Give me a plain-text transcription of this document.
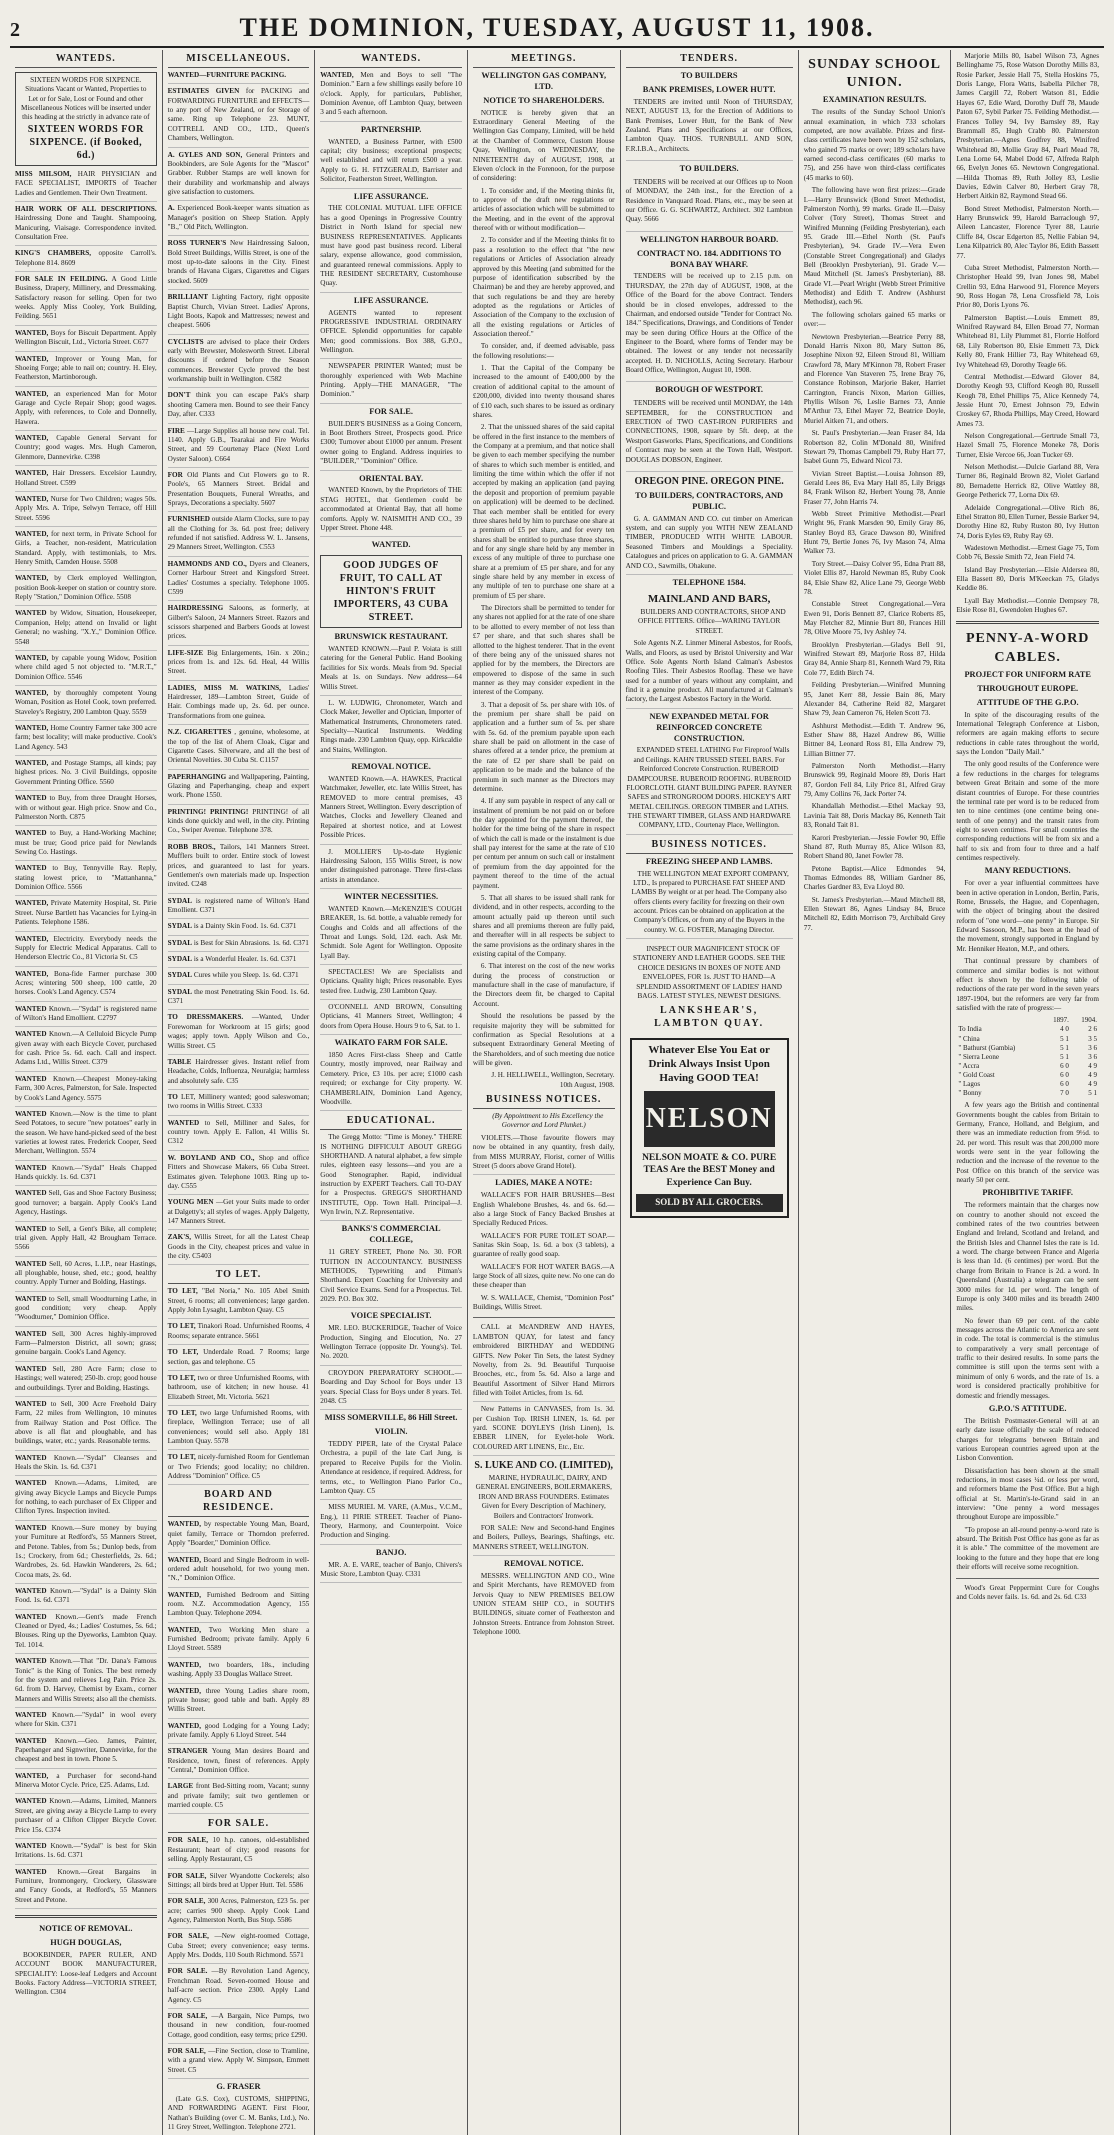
2	THE DOMINION, TUESDAY, AUGUST 11, 1908.
WANTEDS.
SIXTEEN WORDS FOR SIXPENCE. Situations Vacant or Wanted, Properties to Let or for Sale, Lost or Found and other Miscellaneous Notices will be inserted under this heading at the strictly in advance rate of
SIXTEEN WORDS FOR SIXPENCE. (if Booked, 6d.)
MISS MILSOM, HAIR PHYSICIAN and FACE SPECIALIST, IMPORTS of Teacher Ladies and Gentlemen. Their Own Treatment.
HAIR WORK OF ALL DESCRIPTIONS. Hairdressing Done and Taught. Shampooing, Manicuring, Viaisage. Correspondence invited. Consultation Free.
KING'S CHAMBERS, opposite Carroll's. Telephone 814. 8609
FOR SALE IN FEILDING. A Good Little Business, Drapery, Millinery, and Dressmaking. Satisfactory reason for selling. Open for two weeks. Apply Miss Cooley, York Building, Feilding. 5651
WANTED, Boys for Biscuit Department. Apply Wellington Biscuit, Ltd., Victoria Street. C677
WANTED, Improver or Young Man, for Shoeing Forge; able to nail on; country. H. Eley, Featherston, Martinborough.
WANTED, an experienced Man for Motor Garage and Cycle Repair Shop; good wages. Apply, with references, to Cole and Donnelly, Hawera.
WANTED, Capable General Servant for Country; good wages. Mrs. Hugh Cameron, Glenmore, Dannevirke. C398
WANTED, Hair Dressers. Excelsior Laundry, Holland Street. C599
WANTED, Nurse for Two Children; wages 50s. Apply Mrs. A. Tripe, Selwyn Terrace, off Hill Street. 5596
WANTED, for next term, in Private School for Girls, a Teacher, non-resident, Matriculation Standard. Apply, with testimonials, to Mrs. Henry Smith, Camden House. 5508
WANTED, by Clerk employed Wellington, position Book-keeper on station or country store. Reply "Station," Dominion Office. 5508
WANTED by Widow, Situation, Housekeeper, Companion, Help; attend on Invalid or light General; no washing. "X.Y.," Dominion Office. 5548
WANTED, by capable young Widow, Position where child aged 5 not objected to. "M.R.T.," Dominion Office. 5546
WANTED, by thoroughly competent Young Woman, Position as Hotel Cook, town preferred. Staveley's Registry, 200 Lambton Quay. 5559
WANTED, Home Country Farmer take 300 acre farm; best locality; will make productive. Cook's Land Agency. 543
WANTED, and Postage Stamps, all kinds; pay highest prices. No. 3 Civil Buildings, opposite Government Printing Office. 5560
WANTED to Buy, from three Draught Horses, with or without gear. High price. Snow and Co., Palmerston North. C875
WANTED to Buy, a Hand-Working Machine; must be true; Good price paid for Newlands Sewing Co. Hastings.
WANTED to Buy, Tennyville Ray. Reply, stating lowest price, to "Mattanhanna," Dominion Office. 5566
WANTED, Private Maternity Hospital, St. Pirie Street. Nurse Bartlett has Vacancies for Lying-in Patients. Telephone 1586.
WANTED, Electricity. Everybody needs the Supply for Electric Medical Apparatus. Call to Henderson Electric Co., 81 Victoria St. C5
WANTED, Bona-fide Farmer purchase 300 Acres; wintering 500 sheep, 100 cattle, 20 horses. Cook's Land Agency. C574
WANTED Known.—"Sydal" is registered name of Wilton's Hand Emollient. C2797
WANTED Known.—A Celluloid Bicycle Pump given away with each Bicycle Cover, purchased for cash. Price 5s. 6d. each. Call and inspect. Adams Ltd., Willis Street. C379
WANTED Known.—Cheapest Money-taking Farm, 300 Acres, Palmerston, for Sale. Inspected by Cook's Land Agency. 5575
WANTED Known.—Now is the time to plant Seed Potatoes, to secure "new potatoes" early in the season. We have hand-picked seed of the best varieties at lowest rates. Frederick Cooper, Seed Merchant, Wellington. 5574
WANTED Known.—"Sydal" Heals Chapped Hands quickly. 1s. 6d. C371
WANTED Sell, Gas and Shoe Factory Business; good turnover; a bargain. Apply Cook's Land Agency, Hastings.
WANTED to Sell, a Gent's Bike, all complete; trial given. Apply Hall, 42 Brougham Terrace. 5566
WANTED Sell, 60 Acres, L.I.P., near Hastings, all ploughable, house, shed, etc.; good, healthy country. Apply Turner and Bolding, Hastings.
WANTED to Sell, small Woodturning Lathe, in good condition; very cheap. Apply "Woodturner," Dominion Office.
WANTED Sell, 300 Acres highly-improved Farm—Palmerston District, all sown; grass; genuine bargain. Cook's Land Agency.
WANTED Sell, 280 Acre Farm; close to Hastings; well watered; 250-lb. crop; good house and outbuildings. Tyrer and Bolding, Hastings.
WANTED to Sell, 300 Acre Freehold Dairy Farm, 22 miles from Wellington, 10 minutes from Railway Station and Post Office. The above is all flat and ploughable, and has buildings, water, etc.; yards. Reasonable terms.
WANTED Known.—"Sydal" Cleanses and Heals the Skin. 1s. 6d. C371
WANTED Known.—Adams, Limited, are giving away Bicycle Lamps and Bicycle Pumps for nothing, to each purchaser of Ex Clipper and Clifton Tyres. Inspection invited.
WANTED Known.—Sure money by buying your Furniture at Redford's, 55 Manners Street, and Petone. Tables, from 5s.; Dunlop beds, from 1s.; Crockery, from 6d.; Chesterfields, 2s. 6d.; Wardrobes, 2s. 6d. Hawkin Wanderers, 2s. 6d.; Cocoa mats, 2s. 6d.
WANTED Known.—"Sydal" is a Dainty Skin Food. 1s. 6d. C371
WANTED Known.—Gent's made French Cleaned or Dyed, 4s.; Ladies' Costumes, 5s. 6d.; Blouses. Ring up the Dyeworks, Lambton Quay. Tel. 1014.
WANTED Known.—That "Dr. Dana's Famous Tonic" is the King of Tonics. The best remedy for the system and relieves Leg Pain. Price 2s. 6d. from D. Harvey, Chemist by Exam., corner Manners and Willis Streets; also all the chemists.
WANTED Known.—"Sydal" in wool every where for Skin. C371
WANTED Known.—Geo. James, Painter, Paperhanger and Signwriter, Dannevirke, for the cheapest and best in town. Phone 5.
WANTED, a Purchaser for second-hand Minerva Motor Cycle. Price, £25. Adams, Ltd.
WANTED Known.—Adams, Limited, Manners Street, are giving away a Bicycle Lamp to every purchaser of a Clifton Clipper Bicycle Cover. Price 15s. C374
WANTED Known.—"Sydal" is best for Skin Irritations. 1s. 6d. C371
WANTED Known.—Great Bargains in Furniture, Ironmongery, Crockery, Glassware and Fancy Goods, at Redford's, 55 Manners Street and Petone.
NOTICE OF REMOVAL.
HUGH DOUGLAS,
BOOKBINDER, PAPER RULER, AND ACCOUNT BOOK MANUFACTURER, SPECIALITY: Loose-leaf Ledgers and Account Books. Factory Address—VICTORIA STREET, Wellington. C304
MISCELLANEOUS.
WANTED—FURNITURE PACKING.
ESTIMATES GIVEN for PACKING and FORWARDING FURNITURE and EFFECTS—to any port of New Zealand, or for Storage of same. Ring up Telephone 23. MUNT, COTTRELL AND CO., LTD., Queen's Chambers, Wellington.
A. GYLES AND SON, General Printers and Bookbinders, are Sole Agents for the "Mascot" Grabber. Rubber Stamps are well known for their durability and workmanship and always give satisfaction to customers.
A. Experienced Book-keeper wants situation as Manager's position on Sheep Station. Apply "B.," Old Pitch, Wellington.
ROSS TURNER'S New Hairdressing Saloon, Bold Street Buildings, Willis Street, is one of the most up-to-date saloons in the City. Finest brands of Havana Cigars, Cigarettes and Cigars stocked. 5609
BRILLIANT Lighting Factory, right opposite Baptist Church, Vivian Street. Ladies' Aprons, Light Boots, Kapok and Mattresses; newest and cheapest. 5606
CYCLISTS are advised to place their Orders early with Brewster, Molesworth Street. Liberal discounts if ordered before the Season commences. Brewster Cycle proved the best workmanship built in Wellington. C582
DON'T think you can escape Pak's sharp shooting Camera men. Bound to see their Fancy Day, after. C333
FIRE —Large Supplies all house new coal. Tel. 1140. Apply G.B., Tearakai and Fire Works Street, and 59 Courtenay Place (Next Lord Oyster Saloon). C664
FOR Old Plants and Cut Flowers go to R. Poole's, 65 Manners Street. Bridal and Presentation Bouquets, Funeral Wreaths, and Sprays, Decorations a specialty. 5607
FURNISHED outside Alarm Clocks, sure to pay all the Clothing for 3s. 6d. post free; delivery refunded if not satisfied. Address W. L. Jansens, 29 Manners Street, Wellington. C553
HAMMONDS AND CO., Dyers and Cleaners, Corner Harbour Street and Kingsford Street. Ladies' Costumes a specialty. Telephone 1005. C599
HAIRDRESSING Saloons, as formerly, at Gilbert's Saloon, 24 Manners Street. Razors and scissors sharpened and Barbers Goods at lowest prices.
LIFE-SIZE Big Enlargements, 16in. x 20in.; prices from 1s. and 12s. 6d. Heal, 44 Willis Street.
LADIES, MISS M. WATKINS, Ladies' Hairdresser, 189—Lambton Street, Guide of Hair. Combings made up, 2s. 6d. per ounce. Transformations from one guinea.
N.Z. CIGARETTES , genuine, wholesome, at the top of the list of Ahern Cloak, Cigar and Cigarette Cases. Silverware, and all the best of Oriental Novelties. 30 Cuba St. C1157
PAPERHANGING and Wallpapering, Painting, Glazing and Paperhanging, cheap and expert work. Phone 1550.
PRINTING! PRINTING! PRINTING! of all kinds done quickly and well, in the city. Printing Co., Swiper Avenue. Telephone 378.
ROBB BROS., Tailors, 141 Manners Street. Mufflers built to order. Entire stock of lowest prices, and guaranteed to last for years. Gentlemen's own materials made up. Inspection invited. C248
SYDAL is registered name of Wilton's Hand Emollient. C371
SYDAL is a Dainty Skin Food. 1s. 6d. C371
SYDAL is Best for Skin Abrasions. 1s. 6d. C371
SYDAL is a Wonderful Healer. 1s. 6d. C371
SYDAL Cures while you Sleep. 1s. 6d. C371
SYDAL the most Penetrating Skin Food. 1s. 6d. C371
TO DRESSMAKERS. —Wanted, Under Forewoman for Workroom at 15 girls; good wages; apply town. Apply Wilson and Co., Willis Street. C5
TABLE Hairdresser gives. Instant relief from Headache, Colds, Influenza, Neuralgia; harmless and absolutely safe. C35
TO LET, Millinery wanted; good saleswoman; two rooms in Willis Street. C333
WANTED to Sell, Milliner and Sales, for country town. Apply E. Fallon, 41 Willis St. C312
W. BOYLAND AND CO., Shop and office Fitters and Showcase Makers, 66 Cuba Street. Estimates given. Telephone 1003. Ring up to-day. C555
YOUNG MEN —Get your Suits made to order at Dalgetty's; all styles of wages. Apply Dalgetty, 147 Manners Street.
ZAK'S, Willis Street, for all the Latest Cheap Goods in the City, cheapest prices and value in the city. C5403
TO LET.
TO LET, "Bel Noria," No. 105 Abel Smith Street, 6 rooms; all conveniences; large garden. Apply John Lysaght, Lambton Quay. C5
TO LET, Tinakori Road. Unfurnished Rooms, 4 Rooms; separate entrance. 5661
TO LET, Underdale Road. 7 Rooms; large section, gas and telephone. C5
TO LET, two or three Unfurnished Rooms, with bathroom, use of kitchen; in new house. 41 Elizabeth Street, Mt. Victoria. 5621
TO LET, two large Unfurnished Rooms, with fireplace, Wellington Terrace; use of all conveniences; would sell also. Apply 181 Lambton Quay. 5578
TO LET, nicely-furnished Room for Gentleman or Two Friends; good locality; no children. Address "Dominion" Office. C5
BOARD AND RESIDENCE.
WANTED, by respectable Young Man, Board, quiet family, Terrace or Thorndon preferred. Apply "Boarder," Dominion Office.
WANTED, Board and Single Bedroom in well-ordered adult household, for two young men. "N.," Dominion Office.
WANTED, Furnished Bedroom and Sitting room. N.Z. Accommodation Agency, 155 Lambton Quay. Telephone 2094.
WANTED, Two Working Men share a Furnished Bedroom; private family. Apply 6 Lloyd Street. 5589
WANTED, two boarders, 18s., including washing. Apply 33 Douglas Wallace Street.
WANTED, three Young Ladies share room, private house; good table and bath. Apply 89 Willis Street.
WANTED, good Lodging for a Young Lady; private family. Apply 6 Lloyd Street. 544
STRANGER Young Man desires Board and Residence, town, finest of references. Apply "Central," Dominion Office.
LARGE front Bed-Sitting room, Vacant; sunny and private family; suit two gentlemen or married couple. C5
FOR SALE.
FOR SALE, 10 h.p. canoes, old-established Restaurant; heart of city; good reasons for selling. Apply Restaurant, C5
FOR SALE, Silver Wyandotte Cockerels; also Sittings; all birds bred at Upper Hutt. Tel. 5586
FOR SALE, 300 Acres, Palmerston, £23 5s. per acre; carries 900 sheep. Apply Cook Land Agency, Palmerston North, Bus Stop. 5586
FOR SALE, —New eight-roomed Cottage, Cuba Street; every convenience; easy terms. Apply Mrs. Dodds, 110 South Richmond. 5571
FOR SALE. —By Revolution Land Agency, Frenchman Road. Seven-roomed House and half-acre section. Price 2300. Apply Land Agency. C5
FOR SALE, —A Bargain, Nice Pumps, two thousand in new condition, four-roomed Cottage, good condition, easy terms; price £290.
FOR SALE, —Fine Section, close to Tramline, with a grand view. Apply W. Simpson, Emmett Street. C5
G. FRASER
(Late G.S. Cox), CUSTOMS, SHIPPING, AND FORWARDING AGENT. First Floor, Nathan's Building (over C. M. Banks, Ltd.), No. 11 Grey Street, Wellington. Telephone 2721.
WANTEDS.
WANTED, Men and Boys to sell "The Dominion." Earn a few shillings easily before 10 o'clock. Apply, for particulars, Publisher, Dominion Avenue, off Lambton Quay, between 3 and 5 each afternoon.
PARTNERSHIP.
WANTED, a Business Partner, with £500 capital; city business; exceptional prospects; well established and will return £500 a year. Apply to G. H. FITZGERALD, Barrister and Solicitor, Featherston Street, Wellington.
LIFE ASSURANCE.
THE COLONIAL MUTUAL LIFE OFFICE has a good Openings in Progressive Country District in North Island for special new BUSINESS REPRESENTATIVES. Applicants must have good past business record. Liberal salary, expense allowance, good commission, and guaranteed renewal commissions. Apply to THE RESIDENT SECRETARY, Customhouse Quay.
LIFE ASSURANCE.
AGENTS wanted to represent PROGRESSIVE INDUSTRIAL ORDINARY OFFICE. Splendid opportunities for capable Men; good commissions. Box 388, G.P.O., Wellington.
NEWSPAPER PRINTER Wanted; must be thoroughly experienced with Web Machine Printing. Apply—THE MANAGER, "The Dominion."
FOR SALE.
BUILDER'S BUSINESS as a Going Concern, in Boot Brothers Street, Prospects good. Price £300; Turnover about £1000 per annum. Present owner going to England. Address inquiries to "BUILDER," "Dominion" Office.
ORIENTAL BAY.
WANTED Known, by the Proprietors of THE STAG HOTEL, that Gentlemen could be accommodated at Oriental Bay, that all home comforts. Apply W. NAISMITH AND CO., 39 Upper Street. Phone 448.
WANTED.
GOOD JUDGES OF FRUIT, TO CALL AT HINTON'S FRUIT IMPORTERS, 43 CUBA STREET.
BRUNSWICK RESTAURANT.
WANTED KNOWN.—Paul P. Voiata is still catering for the General Public. Hand Booking facilities for Six words. Meals from 9d. Special Meals at 1s. on Sundays. New address—64 Willis Street.
L. W. LUDWIG, Chronometer, Watch and Clock Maker, Jeweller and Optician, Importer of Mathematical Instruments, Chronometers rated. Specialty—Nautical Instruments. Wedding Rings made. 230 Lambton Quay, opp. Kirkcaldie and Stains, Wellington.
REMOVAL NOTICE.
WANTED Known.—A. HAWKES, Practical Watchmaker, Jeweller, etc. late Willis Street, has REMOVED to more central premises, 43 Manners Street, Wellington. Every description of Watches, Clocks and Jewellery Cleaned and Repaired at shortest notice, and at Lowest Possible Prices.
J. MOLLIER'S Up-to-date Hygienic Hairdressing Saloon, 155 Willis Street, is now under distinguished patronage. Three first-class artists in attendance.
WINTER NECESSITIES.
WANTED Known.—McKENZIE'S COUGH BREAKER, 1s. 6d. bottle, a valuable remedy for Coughs and Colds and all affections of the Throat and Lungs. Sold, 12d. each. Ask Mr. Schmidt. Sole Agent for Wellington. Opposite Lyall Bay.
SPECTACLES! We are Specialists and Opticians. Quality high; Prices reasonable. Eyes tested free. Ludwig, 230 Lambton Quay.
O'CONNELL AND BROWN, Consulting Opticians, 41 Manners Street, Wellington; 4 doors from Opera House. Hours 9 to 6, Sat. to 1.
WAIKATO FARM FOR SALE.
1850 Acres First-class Sheep and Cattle Country, mostly improved, near Railway and Cemetery. Price, £3 10s. per acre; £1000 cash required; or exchange for City property. W. CHAMBERLAIN, Dominion Land Agency, Woodville.
EDUCATIONAL.
The Gregg Motto: "Time is Money." THERE IS NOTHING DIFFICULT ABOUT GREGG SHORTHAND. A natural alphabet, a few simple rules, eighteen easy lessons—and you are a Good Stenographer. Rapid, individual instruction by EXPERT Teachers. Call TO-DAY for a Prospectus. GREGG'S SHORTHAND INSTITUTE, Opp. Town Hall. Principal—J. Wyn Irwin, N.Z. Representative.
BANKS'S COMMERCIAL COLLEGE,
11 GREY STREET, Phone No. 30. FOR TUITION IN ACCOUNTANCY. BUSINESS METHODS, Typewriting and Pitman's Shorthand. Expert Coaching for University and Civil Service Exams. Send for a Prospectus. Tel. 2029. P.O. Box 302.
VOICE SPECIALIST.
MR. LEO. BUCKERIDGE, Teacher of Voice Production, Singing and Elocution, No. 27 Wellington Terrace (opposite Dr. Young's). Tel. No. 2020.
CROYDON PREPARATORY SCHOOL.—Boarding and Day School for Boys under 13 years. Special Class for Boys under 8 years. Tel. 2048. C5
MISS SOMERVILLE, 86 Hill Street.
VIOLIN.
TEDDY PIPER, late of the Crystal Palace Orchestra, a pupil of the late Carl Jung, is prepared to Receive Pupils for the Violin. Attendance at residence, if required. Address, for terms, etc., to Wellington Piano Parlor Co., Lambton Quay. C5
MISS MURIEL M. VARE, (A.Mus., V.C.M., Eng.), 11 PIRIE STREET. Teacher of Piano-Theory, Harmony, and Counterpoint. Voice Production and Singing.
BANJO.
MR. A. E. VARE, teacher of Banjo, Chivers's Music Store, Lambton Quay. C331
MEETINGS.
WELLINGTON GAS COMPANY, LTD.
NOTICE TO SHAREHOLDERS.
NOTICE is hereby given that an Extraordinary General Meeting of the Wellington Gas Company, Limited, will be held at the Chamber of Commerce, Custom House Quay, Wellington, on WEDNESDAY, the NINETEENTH day of AUGUST, 1908, at Eleven o'clock in the Forenoon, for the purpose of considering:
1. To consider and, if the Meeting thinks fit, to approve of the draft new regulations or articles of association which will be submitted to the Meeting, and in the event of the approval thereof with or without modification—
2. To consider and if the Meeting thinks fit to pass a resolution to the effect that "the new regulations or Articles of Association already approved by this Meeting (and submitted for the purpose of identification subscribed by the Chairman) be and they are hereby approved, and that such regulations be and they are hereby adopted as the regulations or Articles of Association of the Company to the exclusion of all the existing regulations or Articles of Association thereof."
To consider, and, if deemed advisable, pass the following resolutions:—
1. That the Capital of the Company be increased to the amount of £400,000 by the creation of additional capital to the amount of £200,000, divided into twenty thousand shares of £10 each, such shares to be issued as ordinary shares.
2. That the unissued shares of the said capital be offered in the first instance to the members of the Company at a premium, and that notice shall be given to each member specifying the number of shares to which such member is entitled, and limiting the time within which the offer if not accepted by making an application (and paying the deposit and proportion of premium payable on application) will be deemed to be declined. That each member shall be entitled for every three shares held by him to purchase one share at a premium of £5 per share, and for every ten shares shall be entitled to purchase three shares, and for any single share held by any member in excess of any multiple of three to purchase one share at a premium of £5 per share, and for any single share held by any member in excess of any multiple of ten to purchase one share at a premium of £5 per share.
The Directors shall be permitted to tender for any shares not applied for at the rate of one share to be allotted to every member of not less than £7 per share, and that such shares shall be allotted to the highest tenderer. That in the event of there being any of the unissued shares not applied for by the members, the Directors are empowered to dispose of the same in such manner as they may consider expedient in the interest of the Company.
3. That a deposit of 5s. per share with 10s. of the premium per share shall be paid on application and a further sum of 5s. per share with 5s. 6d. of the premium payable upon each share shall be paid on allotment in the case of shares offered at a tender price, the premium at the rate of £2 per share shall be paid on application to be made and the balance of the premium in such manner as the Directors may determine.
4. If any sum payable in respect of any call or instalment of premium be not paid on or before the day appointed for the payment thereof, the holder for the time being of the share in respect of which the call is made or the instalment is due shall pay interest for the same at the rate of £10 per centum per annum on such call or instalment of premium from the day appointed for the payment thereof to the time of the actual payment.
5. That all shares to be issued shall rank for dividend, and in other respects, according to the amount actually paid up thereon until such shares and all premiums thereon are fully paid, and thereafter will in all respects be subject to the same provisions as the ordinary shares in the existing capital of the Company.
6. That interest on the cost of the new works during the process of construction or manufacture shall in the case of manufacture, if the Directors deem fit, be charged to Capital Account.
Should the resolutions be passed by the requisite majority they will be submitted for confirmation as Special Resolutions at a subsequent Extraordinary General Meeting of the Shareholders, and of such meeting due notice will be given.
J. H. HELLIWELL, Wellington, Secretary. 10th August, 1908.
BUSINESS NOTICES.
(By Appointment to His Excellency the Governor and Lord Plunket.)
VIOLETS.—Those favourite flowers may now be obtained in any quantity, fresh daily, from MISS MURRAY, Florist, corner of Willis Street (5 doors above Grand Hotel).
LADIES, MAKE A NOTE:
WALLACE'S FOR HAIR BRUSHES—Best English Whalebone Brushes, 4s. and 6s. 6d.—also a large Stock of Fancy Backed Brushes at Specially Reduced Prices.
WALLACE'S FOR PURE TOILET SOAP.—Sanitas Skin Soap, 1s. 6d. a box (3 tablets), a guarantee of really good soap.
WALLACE'S FOR HOT WATER BAGS.—A large Stock of all sizes, quite new. No one can do these cheaper than
W. S. WALLACE, Chemist, "Dominion Post" Buildings, Willis Street.
CALL at McANDREW AND HAYES, LAMBTON QUAY, for latest and fancy embroidered BIRTHDAY and WEDDING GIFTS. New Poker Tin Sets, the latest Sydney Novelty, from 2s. 9d. Beautiful Turquoise Brooches, etc., from 5s. 6d. Also a large and Beautiful Assortment of Silver Hand Mirrors filled with Toilet Articles, from 1s. 6d.
New Patterns in CANVASES, from 1s. 3d. per Cushion Top. IRISH LINEN, 1s. 6d. per yard. SCONE DOYLEYS (Irish Linen), 1s. EBBER LINEN, for Eyelet-hole Work. COLOURED ART LINENS, Etc., Etc.
S. LUKE AND CO. (LIMITED),
MARINE, HYDRAULIC, DAIRY, AND GENERAL ENGINEERS, BOILERMAKERS, IRON AND BRASS FOUNDERS. Estimates Given for Every Description of Machinery, Boilers and Contractors' Ironwork.
FOR SALE: New and Second-hand Engines and Boilers, Pulleys, Bearings, Shaftings, etc. MANNERS STREET, WELLINGTON.
REMOVAL NOTICE.
MESSRS. WELLINGTON AND CO., Wine and Spirit Merchants, have REMOVED from Jervois Quay to NEW PREMISES BELOW UNION STEAM SHIP CO., in SOUTH'S BUILDINGS, situate corner of Featherston and Johnston Streets. Entrance from Johnston Street. Telephone 1000.
TENDERS.
TO BUILDERS
BANK PREMISES, LOWER HUTT.
TENDERS are invited until Noon of THURSDAY, NEXT, AUGUST 13, for the Erection of Additions to Bank Premises, Lower Hutt, for the Bank of New Zealand. Plans and Specifications at our Offices, Lambton Quay. THOS. TURNBULL AND SON, F.R.I.B.A., Architects.
TO BUILDERS.
TENDERS will be received at our Offices up to Noon of MONDAY, the 24th inst., for the Erection of a Residence in Vanquard Road. Plans, etc., may be seen at our Office. G. G. SCHWARTZ, Architect. 302 Lambton Quay. 5666
WELLINGTON HARBOUR BOARD.
CONTRACT NO. 184. ADDITIONS TO BONA BAY WHARF.
TENDERS will be received up to 2.15 p.m. on THURSDAY, the 27th day of AUGUST, 1908, at the Office of the Board for the above Contract. Tenders should be in closed envelopes, addressed to the Chairman, and endorsed outside "Tender for Contract No. 184." Specifications, Drawings, and Conditions of Tender may be seen during Office Hours at the Office of the Engineer to the Board, where forms of Tender may be obtained. The lowest or any tender not necessarily accepted. H. D. NICHOLLS, Acting Secretary. Harbour Board Office, Wellington, August 10, 1908.
BOROUGH OF WESTPORT.
TENDERS will be received until MONDAY, the 14th SEPTEMBER, for the CONSTRUCTION and ERECTION of TWO CAST-IRON PURIFIERS and CONNECTIONS, 1908, square by 5ft. deep, at the Westport Gasworks. Plans, Specifications, and Conditions of Contract may be seen at the Town Hall, Westport. DOUGLAS DOBSON, Engineer.
OREGON PINE. OREGON PINE.
TO BUILDERS, CONTRACTORS, AND PUBLIC.
G. A. GAMMAN AND CO. cut timber on American system, and can supply you WITH NEW ZEALAND TIMBER, PRODUCED WITH WHITE LABOUR. Seasoned Timbers and Mouldings a Speciality. Catalogues and prices on application to G. A. GAMMAN AND CO., Sawmills, Ohakune.
TELEPHONE 1584.
MAINLAND AND BARS,
BUILDERS AND CONTRACTORS, SHOP AND OFFICE FITTERS. Office—WARING TAYLOR STREET.
Sole Agents N.Z. Linmer Mineral Asbestos, for Roofs, Walls, and Floors, as used by Bristol University and War Office. Sole Agents North Island Calman's Asbestos Roofing Tiles. Their Asbestos Rooflag. These we have used for a number of years without any complaint, and find it a genuine product. All manufactured at Calman's factory, the Largest Asbestos Factory in the World.
NEW EXPANDED METAL FOR REINFORCED CONCRETE CONSTRUCTION.
EXPANDED STEEL LATHING For Fireproof Walls and Ceilings. KAHN TRUSSED STEEL BARS. For Reinforced Concrete Construction. RUBEROID DAMPCOURSE. RUBEROID ROOFING. RUBEROID FLOORCLOTH. GIANT BUILDING PAPER. RAYNER SAFES and STRONGROOM DOORS. HICKEY'S ART METAL CEILINGS. OREGON TIMBER and LATHS. THE STEWART TIMBER, GLASS AND HARDWARE COMPANY, LTD., Courtenay Place, Wellington.
BUSINESS NOTICES.
FREEZING SHEEP AND LAMBS.
THE WELLINGTON MEAT EXPORT COMPANY, LTD., Is prepared to PURCHASE FAT SHEEP AND LAMBS By weight or at per head. The Company also offers clients every facility for freezing on their own account. Prices can be obtained on application at the Company's Offices, or from any of the Buyers in the country. W. G. FOSTER, Managing Director.
INSPECT OUR MAGNIFICENT STOCK OF STATIONERY AND LEATHER GOODS. SEE THE CHOICE DESIGNS IN BOXES OF NOTE AND ENVELOPES, FOR 1s. JUST TO HAND—A SPLENDID ASSORTMENT OF LADIES' HAND BAGS. LATEST STYLES, NEWEST DESIGNS.
LANKSHEAR'S, LAMBTON QUAY.
Whatever Else You Eat or Drink Always Insist Upon Having GOOD TEA!
NELSON
NELSON MOATE & CO. PURE TEAS Are the BEST Money and Experience Can Buy.
SOLD BY ALL GROCERS.
SUNDAY SCHOOL UNION.
EXAMINATION RESULTS.
The results of the Sunday School Union's annual examination, in which 733 scholars competed, are now available. Prizes and first-class certificates have been won by 152 scholars, who gained 75 marks or over; 189 scholars have earned second-class certificates (60 marks to 75), and 256 have won third-class certificates (45 marks to 60).
The following have won first prizes:—Grade I.—Harry Brunswick (Bond Street Methodist, Palmerston North), 99 marks. Grade II.—Daisy Colver (Tory Street), Thomas Street and Winifred Munning (Feilding Presbyterian), each 95. Grade III.—Ethel North (St. Paul's Presbyterian), 94. Grade IV.—Vera Ewen (Constable Street Congregational) and Gladys Bell (Brooklyn Presbyterian), 91. Grade V.—Maud Mitchell (St. James's Presbyterian), 88. Grade VI.—Pearl Wright (Webb Street Primitive Methodist) and Edith T. Andrew (Ashhurst Methodist), each 96.
The following scholars gained 65 marks or over:—
Newtown Presbyterian.—Beatrice Perry 88, Donald Harris Nixon 80, Mary Sutton 86, Josephine Nixon 92, Eileen Stroud 81, William Crawford 78, Mary M'Kinnon 78, Robert Fraser and Florence Van Staveren 75, Irene Bray 76, Constance Robinson, Marjorie Baker, Harriet Carrington, Francis Nixon, Marion Gillies, Phyllis Wilson 76, Leslie Barnes 73, Annie M'Arthur 73, Ethel Mayer 72, Beatrice Doyle, Muriel Aitken 71, and others.
St. Paul's Presbyterian.—Jean Fraser 84, Ida Robertson 82, Colin M'Donald 80, Winifred Stewart 79, Thomas Campbell 79, Ruby Hart 77, Isabel Gunn 75, Edward Nicol 73.
Vivian Street Baptist.—Louisa Johnson 89, Gerald Lees 86, Eva Mary Hall 85, Lily Briggs 84, Frank Wilson 82, Herbert Young 78, Annie Fraser 77, John Harris 74.
Webb Street Primitive Methodist.—Pearl Wright 96, Frank Marsden 90, Emily Gray 86, Stanley Boyd 83, Grace Dawson 80, Winifred Hunt 79, Bertie Jones 76, Ivy Mason 74, Alma Walker 73.
Tory Street.—Daisy Colver 95, Edna Pratt 88, Violet Ellis 87, Harold Newman 85, Ruby Cook 84, Elsie Shaw 82, Alice Lane 79, George Webb 78.
Constable Street Congregational.—Vera Ewen 91, Doris Bennett 87, Clarice Roberts 85, May Fletcher 82, Minnie Burt 80, Frances Hill 78, Olive Moore 75, Ivy Ashley 74.
Brooklyn Presbyterian.—Gladys Bell 91, Winifred Stewart 89, Marjorie Ross 87, Hilda Gray 84, Annie Sharp 81, Kenneth Ward 79, Rita Cole 77, Edith Birch 74.
Feilding Presbyterian.—Winifred Munning 95, Janet Kerr 88, Jessie Bain 86, Mary Alexander 84, Catherine Reid 82, Margaret Shaw 79, Jean Cameron 76, Helen Scott 73.
Ashhurst Methodist.—Edith T. Andrew 96, Esther Shaw 88, Hazel Andrew 86, Willie Bittner 84, Leonard Ross 81, Ella Andrew 79, Lillian Bittner 77.
Palmerston North Methodist.—Harry Brunswick 99, Reginald Moore 89, Doris Hart 87, Gordon Fell 84, Lily Price 81, Alfred Gray 79, Amy Collins 76, Jack Porter 74.
Khandallah Methodist.—Ethel Mackay 93, Lavinia Tait 88, Doris Mackay 86, Kenneth Tait 83, Ronald Tait 81.
Karori Presbyterian.—Jessie Fowler 90, Effie Shand 87, Ruth Murray 85, Alice Wilson 83, Robert Shand 80, Janet Fowler 78.
Petone Baptist.—Alice Edmondes 94, Thomas Edmondes 88, William Gardner 86, Charles Gardner 83, Eva Lloyd 80.
St. James's Presbyterian.—Maud Mitchell 88, Ellen Stewart 86, Agnes Lindsay 84, Bruce Mitchell 82, Edith Morrison 79, Archibald Grey 77.
Marjorie Mills 80, Isabel Wilson 73, Agnes Bellinghame 75, Rose Watson Dorothy Mills 83, Rosie Parker, Jessie Hall 75, Stella Hoskins 75, Doris Lange, Flora Watts, Isabella Pilcher 78, James Cargill 72, Robert Watson 81, Eddie Hayes 67, Edie Ward, Dorothy Duff 78, Maude Paton 67, Sybil Parker 75. Feilding Methodist.—Frances Tolley 94, Ivy Barnsley 89, Ray Brammall 85, Hugh Crabb 80. Palmerston Presbyterian.—Agnes Godfrey 88, Winifred Whitehead 80, Mollie Gray 84, Pearl Mead 78, Lena Lorne 64, Mabel Dodd 67, Alfreda Ralph 66, Evelyn Jones 65. Newtown Congregational.—Hilda Thomas 89, Ruth Jolley 83, Leslie Davies, Edwin Calver 80, Herbert Gray 78, Herbert Aitkin 82, Raymond Stead 66.
Bond Street Methodist, Palmerston North.—Harry Brunswick 99, Harold Barraclough 97, Aileen Lancaster, Florence Tyrer 88, Laurie Cliffe 84, Oscar Edgerton 85, Nellie Fabian 94, Lena Kilpatrick 80, Alec Taylor 86, Edith Bassett 77.
Cuba Street Methodist, Palmerston North.—Christopher Heald 99, Ivan Jones 98, Mabel Crellin 93, Edna Harwood 91, Florence Meyers 90, Ross Hogan 78, Lena Crossfield 78, Lois Prior 80, Doris Lyons 76.
Palmerston Baptist.—Louis Emmett 89, Winifred Rayward 84, Ellen Broad 77, Norman Whitehead 81, Lily Plummet 81, Florrie Holford 68, Lily Robertson 80, Elsie Emmett 73, Dick Kelly 80, Frank Hillier 73, Ray Whitehead 69, Ivy Whitehead 69, Dorothy Teagle 66.
Central Methodist.—Edward Glover 84, Dorothy Keogh 93, Clifford Keogh 80, Russell Keogh 78, Ethel Phillips 75, Alice Kennedy 74, Jessie Hunt 70, Ernest Johnson 79, Edwin Croskey 67, Rhoda Phillips, May Creed, Howard Ames 73.
Nelson Congregational.—Gertrude Small 73, Hazel Small 75, Florence Moneke 78, Doris Turner, Elsie Vercoe 66, Joan Tucker 69.
Nelson Methodist.—Dulcie Garland 88, Vera Turner 86, Reginald Brown 82, Violet Garland 80, Bernadette Herrick 82, Olive Wattley 88, George Petherick 77, Lorna Dix 69.
Adelaide Congregational.—Olive Rich 86, Ethel Stratton 80, Ellen Turner, Bessie Barker 94, Dorothy Hine 82, Ruby Ruston 80, Ivy Hutton 74, Doris Eyles 69, Ruby Ray 69.
Wadestown Methodist.—Ernest Gage 75, Tom Cobb 76, Bessie Smith 72, Jean Field 74.
Island Bay Presbyterian.—Elsie Aldersea 80, Ella Bassett 80, Doris M'Keeckan 75, Gladys Keddie 86.
Lyall Bay Methodist.—Connie Dempsey 78, Elsie Rose 81, Gwendolen Hughes 67.
PENNY-A-WORD CABLES.
PROJECT FOR UNIFORM RATE
THROUGHOUT EUROPE.
ATTITUDE OF THE G.P.O.
In spite of the discouraging results of the International Telegraph Conference at Lisbon, reformers are again making efforts to secure reductions in cable rates throughout the world, says the London "Daily Mail."
The only good results of the Conference were a few reductions in the charges for telegrams between Great Britain and some of the more distant countries of Europe. For these countries the terminal rate per word is to be reduced from ten to nine centimes (one centime being one-tenth of one penny) and the transit rates from eight to seven centimes. For small countries the corresponding reductions will be from six and a half to six and from four to three and a half centimes respectively.
MANY REDUCTIONS.
For over a year influential committees have been in active operation in London, Berlin, Paris, Rome, Brussels, the Hague, and Copenhagen, with the object of bringing about the desired reform of "one word—one penny" in Europe. Sir Edward Sassoon, M.P., has been at the head of the movement, strongly supported in England by Mr. Henniker Heaton, M.P., and others.
That continual pressure by chambers of commerce and similar bodies is not without effect is shown by the following table of reductions of the rate per word in the seven years 1897-1904, but the reformers are very far from satisfied with the rate of progress:—
	1897.	1904.
To India	4 0	2 6
" China	5 1	3 5
" Bathurst (Gambia)	5 1	3 6
" Sierra Leone	5 1	3 6
" Accra	6 0	4 9
" Gold Coast	6 0	4 9
" Lagos	6 0	4 9
" Bonny	7 0	5 1
A few years ago the British and continental Governments bought the cables from Britain to Germany, France, Holland, and Belgium, and there was an immediate reduction from 9½d. to 2d. per word. This result was that 200,000 more words were sent in the year following the reduction and the increase of the revenue to the Post Office on this branch of the service was nearly 50 per cent.
PROHIBITIVE TARIFF.
The reformers maintain that the charges now on country to another should not exceed the combined rates of the two countries between England and Ireland, Scotland and Ireland, and the British Isles and Channel Isles the rate is 1d. a word. The charge between France and Algeria is less than 1d. (6 centimes) per word. But the charge from Britain to France is 2d. a word. In Queensland (Australia) a telegram can be sent 3000 miles for 1d. per word. The length of Europe is only 3400 miles and its breadth 2400 miles.
No fewer than 69 per cent. of the cable messages across the Atlantic to America are sent in code. The total is commercial is the stimulus to comparatively a very small percentage of traffic to their desired results. In some parts the committee is still upon the terms sent with a minimum of only 6 words, and the rate of 1s. a word is considered practically prohibitive for domestic and friendly messages.
G.P.O.'S ATTITUDE.
The British Postmaster-General will at an early date issue officially the scale of reduced charges for telegrams between Britain and various European countries agreed upon at the Lisbon Convention.
Dissatisfaction has been shown at the small reductions, in most cases ¼d. or less per word, and reformers blame the Post Office. But a high official at St. Martin's-le-Grand said in an interview: "One penny a word messages throughout Europe are impossible."
"To propose an all-round penny-a-word rate is absurd. The British Post Office has gone as far as it is able." The committee of the movement are looking to the future and they hope that ere long their efforts will receive some recognition.
Wood's Great Peppermint Cure for Coughs and Colds never fails. 1s. 6d. and 2s. 6d. C33
